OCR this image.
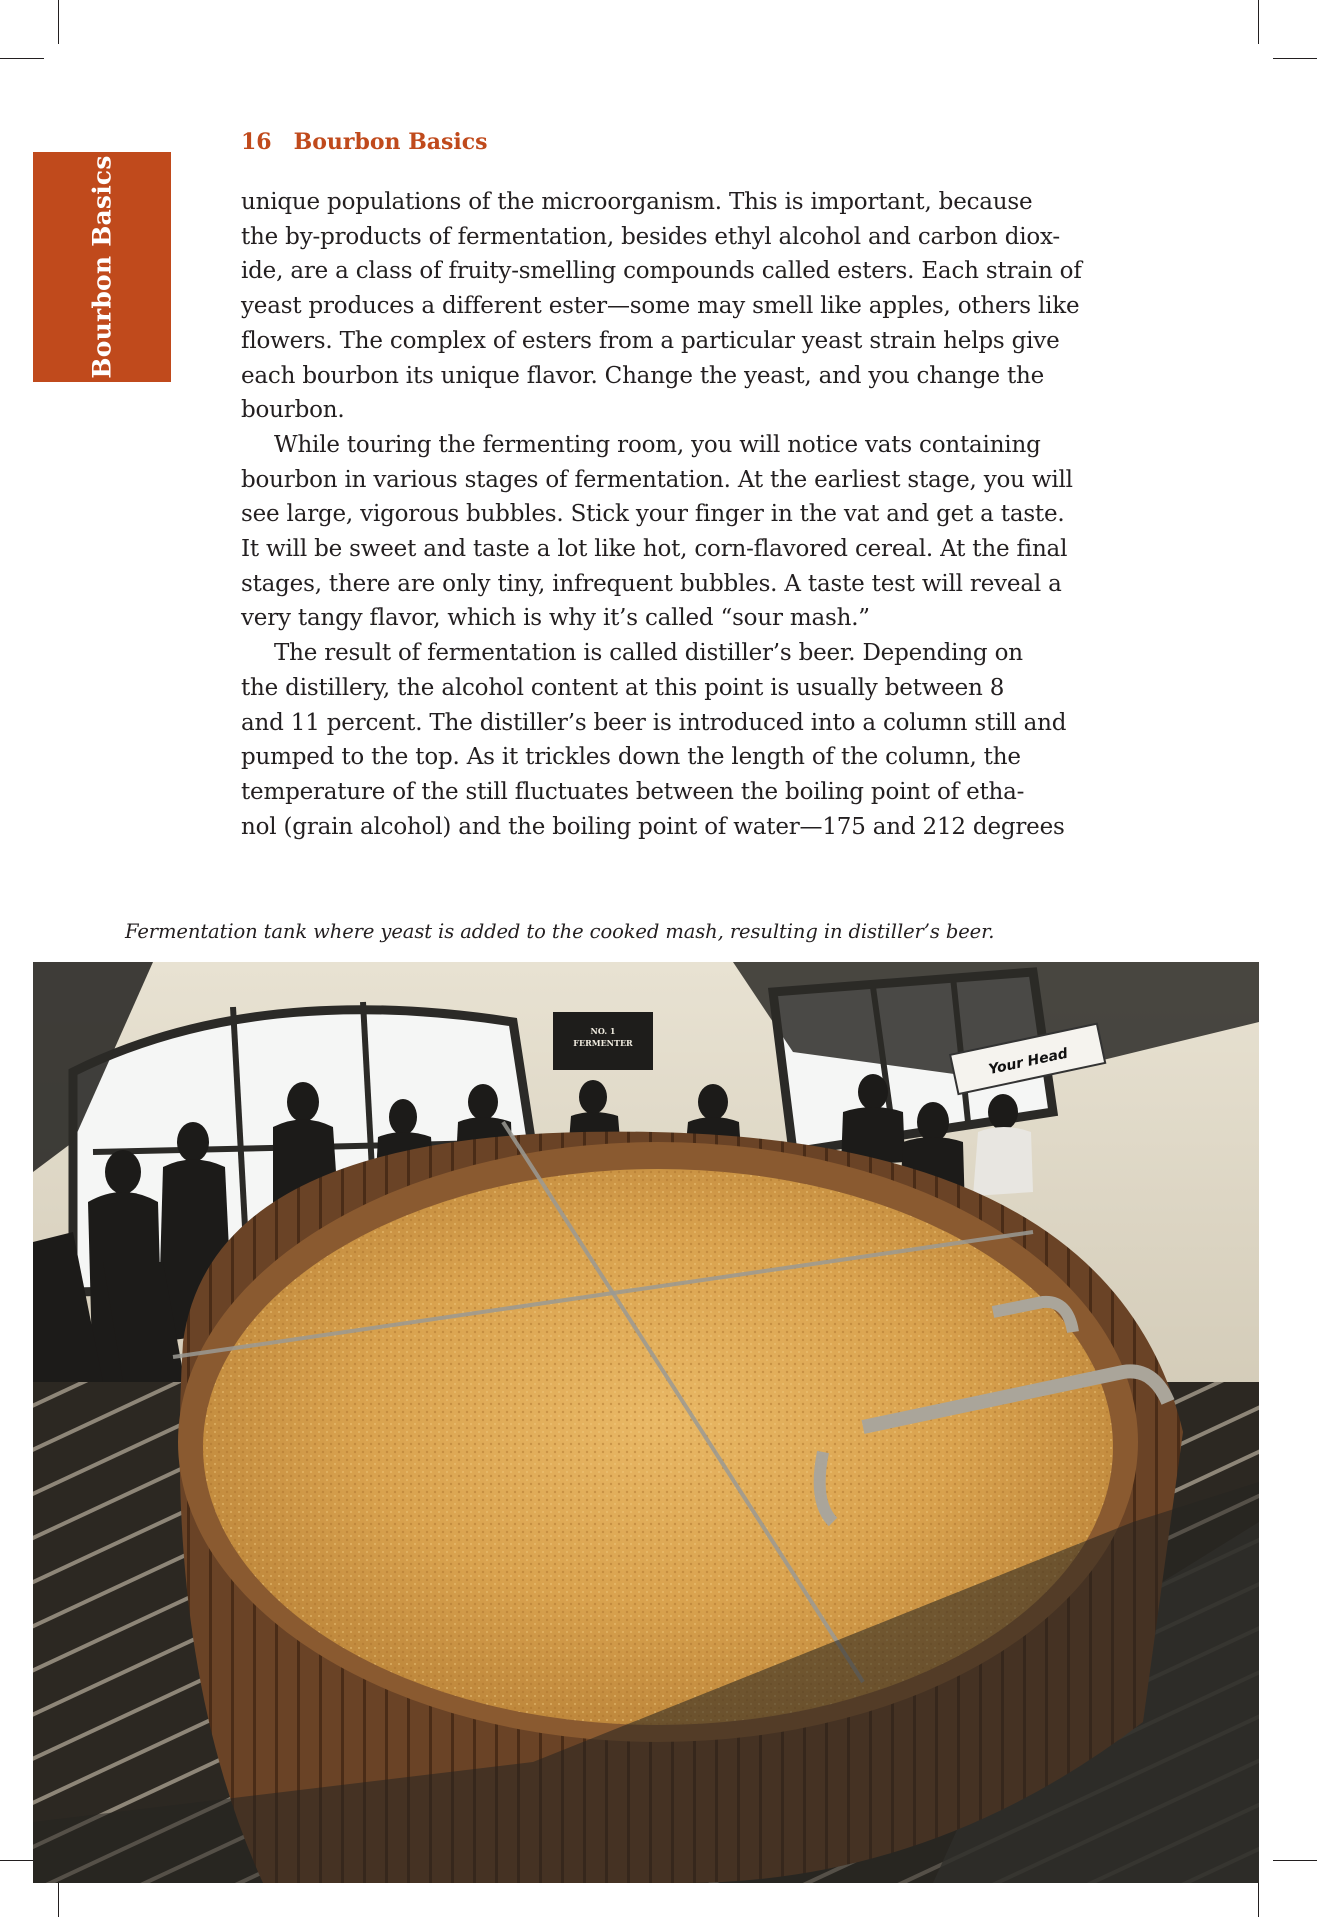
Bourbon Basics
16 Bourbon Basics

unique populations of the microorganism. This is important, because
the by-products of fermentation, besides ethyl alcohol and carbon diox-
ide, are a class of fruity-smelling compounds called esters. Each strain of
yeast produces a different ester—some may smell like apples, others like
flowers. The complex of esters from a particular yeast strain helps give
each bourbon its unique flavor. Change the yeast, and you change the
bourbon.

While touring the fermenting room, you will notice vats containing
bourbon in various stages of fermentation. At the earliest stage, you will
see large, vigorous bubbles. Stick your finger in the vat and get a taste.
It will be sweet and taste a lot like hot, corn-flavored cereal. At the final
stages, there are only tiny, infrequent bubbles. A taste test will reveal a
very tangy flavor, which is why it’s called “sour mash.”

The result of fermentation is called distiller’s beer. Depending on
the distillery, the alcohol content at this point is usually between 8
and 11 percent. The distiller’s beer is introduced into a column still and
pumped to the top. As it trickles down the length of the column, the
temperature of the still fluctuates between the boiling point of etha-
nol (grain alcohol) and the boiling point of water—175 and 212 degrees

Fermentation tank where yeast is added to the cooked mash, resulting in distiller’s beer.
NO. 1
FERMENTER
Your Head
